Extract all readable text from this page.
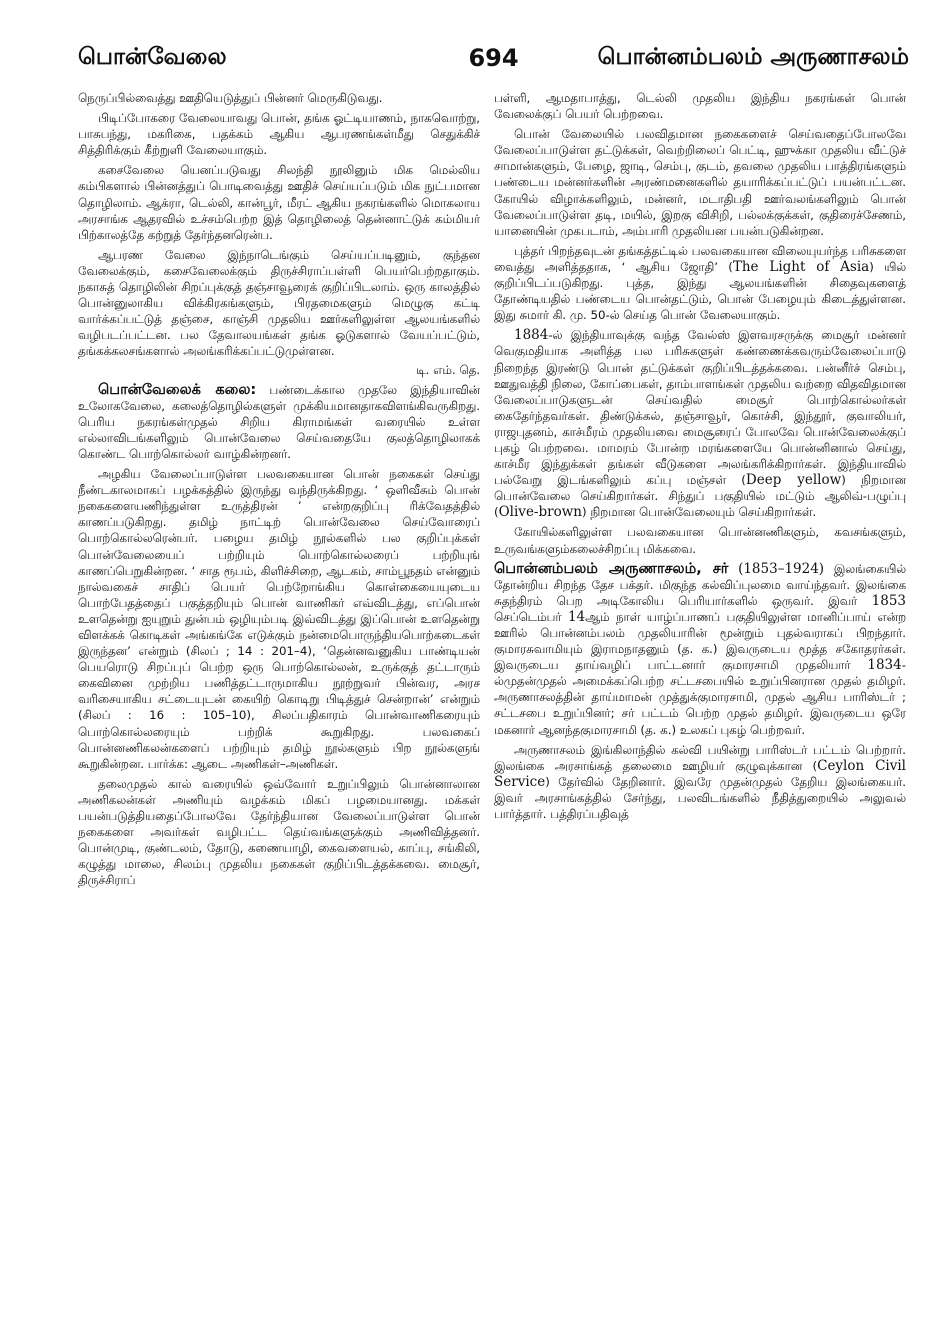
பொன்வேலை	694	பொன்னம்பலம் அருணாசலம்

நெருப்பில்வைத்து ஊதியெடுத்துப் பின்னர் மெருகிடுவது.

பிடிப்போகரை வேலையாவது பொன், தங்க ஓட்டியாணம், நாகவொற்று, பாசுபந்து, மகரிகை, பதக்கம் ஆகிய ஆபரணங்கள்மீது செதுக்கிச் சித்திரிக்கும் கீற்றுளி வேலையாகும்.

கசைவேலை யெனப்படுவது சிலந்தி நூலினும் மிக மெல்லிய கம்பிகளால் பின்னத்துப் பொடிவைத்து ஊதிச் செய்யப்படும் மிக நுட்பமான தொழிலாம். ஆக்ரா, டெல்லி, கான்பூர், மீரட் ஆகிய நகரங்களில் மொகலாய அரசாங்க ஆதரவில் உச்சம்பெற்ற இத் தொழிலைத் தென்னாட்டுக் கம்மியர் பிற்காலத்தே கற்றுத் தேர்ந்தனரென்ப.

ஆபரண வேலை இந்நாடெங்கும் செய்யப்படினும், குந்தன வேலைக்கும், கசைவேலைக்கும் திருச்சிராப்பள்ளி பெயர்பெற்றதாகும். நகாசுத் தொழிலின் சிறப்புக்குத் தஞ்சாவூரைக் குறிப்பிடலாம். ஒரு காலத்தில் பொன்னுலாகிய விக்கிரகங்களும், பிரதமைகளும் மெழுகு கட்டி வார்க்கப்பட்டுத் தஞ்சை, காஞ்சி முதலிய ஊர்களிலுள்ள ஆலயங்களில் வழிபடப்பட்டன. பல தேவாலயங்கள் தங்க ஓடுகளால் வேயப்பட்டும், தங்கக்கலசங்களால் அலங்கரிக்கப்பட்டுமுள்ளன.

டி. எம். தெ.

பொன்வேலைக் கலை: பண்டைக்கால முதலே இந்தியாவின் உலோகவேலை, கலைத்தொழில்களுள் முக்கியமானதாகவிளங்கிவருகிறது. பெரிய நகரங்கள்முதல் சிறிய கிராமங்கள் வரையில் உள்ள எல்லாவிடங்களிலும் பொன்வேலை செய்வதையே குலத்தொழிலாகக் கொண்ட பொற்கொல்லர் வாழ்கின்றனர்.

அழகிய வேலைப்பாடுள்ள பலவகையான பொன் நகைகள் செய்து நீண்டகாலமாகப் பழக்கத்தில் இருந்து வந்திருக்கிறது. ‘ ஒளிவீசும் பொன் நகைகளையணிந்துள்ள உருத்திரன் ’ என்றகுறிப்பு ரிக்வேதத்தில் காணப்படுகிறது. தமிழ் நாட்டிற் பொன்வேலை செய்வோரைப் பொற்கொல்லரென்பர். பழைய தமிழ் நூல்களில் பல குறிப்புக்கள் பொன்வேலையைப் பற்றியும் பொற்கொல்லரைப் பற்றியுங் காணப்பெறுகின்றன. ‘ சாத ரூபம், கிளிச்சிறை, ஆடகம், சாம்பூநதம் என்னும் நால்வகைச் சாதிப் பெயர் பெற்றோங்கிய கொள்கையையுடைய பொற்பேதத்தைப் பகுத்தறியும் பொன் வாணிகர் எவ்விடத்து, எப்பொன் உளதென்று ஐயுறும் துன்பம் ஒழியும்படி இவ்விடத்து இப்பொன் உளதென்று விளக்கக் கொடிகள் அங்கங்கே எடுக்கும் நன்மைபொருந்தியபொற்கடைகள் இருந்தன’ என்றும் (சிலப் ; 14 : 201–4), ‘தென்னவனுகிய பாண்டியன் பெயரொடு சிறப்புப் பெற்ற ஒரு பொற்கொல்லன், உருக்குத் தட்டாரும் கைவினை முற்றிய பணித்தட்டாருமாகிய நூற்றுவர் பின்வர, அரச வரிசையாகிய சட்டையுடன் கையிற் கொடிறு பிடித்துச் சென்றான்’ என்றும் (சிலப் : 16 : 105–10), சிலப்பதிகாரம் பொன்வாணிகரையும் பொற்கொல்லரையும் பற்றிக் கூறுகிறது. பலவகைப் பொன்னணிகலன்களைப் பற்றியும் தமிழ் நூல்களும் பிற நூல்களுங் கூறுகின்றன. பார்க்க: ஆடை அணிகள்–அணிகள்.

தலைமுதல் கால் வரையில் ஒவ்வோர் உறுப்பிலும் பொன்னாலான அணிகலன்கள் அணியும் வழக்கம் மிகப் பழமையானது. மக்கள் பயன்படுத்தியதைப்போலவே தேர்ந்தியான வேலைப்பாடுள்ள பொன் நகைகளை அவர்கள் வழிபட்ட தெய்வங்களுக்கும் அணிவித்தனர். பொன்முடி, குண்டலம், தோடு, கணையாழி, கைவளையல், காப்பு, சங்கிலி, கழுத்து மாலை, சிலம்பு முதலிய நகைகள் குறிப்பிடத்தக்கவை. மைசூர், திருச்சிராப்

பள்ளி, ஆமதாபாத்து, டெல்லி முதலிய இந்திய நகரங்கள் பொன் வேலைக்குப் பெயர் பெற்றவை.

பொன் வேலையில் பலவிதமான நகைகளைச் செய்வதைப்போலவே வேலைப்பாடுள்ள தட்டுக்கள், வெற்றிலைப் பெட்டி, ஹுக்கா முதலிய வீட்டுச் சாமான்களும், பேழை, ஜாடி, செம்பு, குடம், தவலை முதலிய பாத்திரங்களும் பண்டைய மன்னர்களின் அரண்மனைகளில் தயாரிக்கப்பட்டுப் பயன்பட்டன. கோயில் விழாக்களிலும், மன்னர், மடாதிபதி ஊர்வலங்களிலும் பொன் வேலைப்பாடுள்ள தடி, மயில், இறகு விசிறி, பல்லக்குக்கள், குதிரைச்சேணம், யானையின் முகபடாம், அம்பாரி முதலியன பயன்படுகின்றன.

புத்தர் பிறந்தவுடன் தங்கத்தட்டில் பலவகையான விலையுயர்ந்த பரிசுகளை வைத்து அளித்ததாக, ‘ ஆசிய ஜோதி’ (The Light of Asia) யில் குறிப்பிடப்படுகிறது. புத்த, இந்து ஆலயங்களின் சிதைவுகளைத் தோண்டியதில் பண்டைய பொன்தட்டும், பொன் பேழையும் கிடைத்துள்ளன. இது சுமார் கி. மு. 50-ல் செய்த பொன் வேலையாகும்.

1884-ல் இந்தியாவுக்கு வந்த வேல்ஸ் இளவரசருக்கு மைசூர் மன்னர் வெகுமதியாக அளித்த பல பரிசுகளுள் கண்ணைக்கவரும்வேலைப்பாடு நிறைந்த இரண்டு பொன் தட்டுக்கள் குறிப்பிடத்தக்கவை. பன்னீர்ச் செம்பு, ஊதுவத்தி நிலை, கோப்பைகள், தாம்பாளங்கள் முதலிய வற்றை விதவிதமான வேலைப்பாடுகளுடன் செய்வதில் மைசூர் பொற்கொல்லர்கள் கைதேர்ந்தவர்கள். திண்டுக்கல், தஞ்சாவூர், கொச்சி, இந்தூர், குவாலியர், ராஜபுதனம், காச்மீரம் முதலியவை மைசூரைப் போலவே பொன்வேலைக்குப் புகழ் பெற்றவை. மாமரம் போன்ற மரங்களையே பொன்னினால் செய்து, காச்மீர இந்துக்கள் தங்கள் வீடுகளை அலங்கரிக்கிறார்கள். இந்தியாவில் பல்வேறு இடங்களிலும் கப்பு மஞ்சள் (Deep yellow) நிறமான பொன்வேலை செய்கிறார்கள். சிந்துப் பகுதியில் மட்டும் ஆலிவ்-பழுப்பு (Olive-brown) நிறமான பொன்வேலையும் செய்கிறார்கள்.

கோயில்களிலுள்ள பலவகையான பொன்னணிகளும், கவசங்களும், உருவங்களும்கலைச்சிறப்பு மிக்கவை.

பொன்னம்பலம் அருணாசலம், சர் (1853–1924) இலங்கையில் தோன்றிய சிறந்த தேச பக்தர். மிகுந்த கல்விப்புலமை வாய்ந்தவர். இலங்கை சுதந்திரம் பெற அடிகோலிய பெரியார்களில் ஒருவர். இவர் 1853 செப்டெம்பர் 14ஆம் நாள் யாழ்ப்பாணப் பகுதியிலுள்ள மானிப்பாய் என்ற ஊரில் பொன்னம்பலம் முதலியாரின் மூன்றும் புதல்வராகப் பிறந்தார். குமாரசுவாமியும் இராமநாதனும் (த. க.) இவருடைய மூத்த சகோதரர்கள். இவருடைய தாய்வழிப் பாட்டனார் குமாரசாமி முதலியார் 1834-ல்முதன்முதல் அமைக்கப்பெற்ற சட்டசபையில் உறுப்பினரான முதல் தமிழர். அருணாசலத்தின் தாய்மாமன் முத்துக்குமாரசாமி, முதல் ஆசிய பாரிஸ்டர் ; சட்டசபை உறுப்பினர்; சர் பட்டம் பெற்ற முதல் தமிழர். இவருடைய ஒரே மகனார் ஆனந்தகுமாரசாமி (த. க.) உலகப் புகழ் பெற்றவர்.

அருணாசலம் இங்கிலாந்தில் கல்வி பயின்று பாரிஸ்டர் பட்டம் பெற்றார். இலங்கை அரசாங்கத் தலைமை ஊழியர் குழுவுக்கான (Ceylon Civil Service) தேர்வில் தேறினார். இவரே முதன்முதல் தேறிய இலங்கையர். இவர் அரசாங்கத்தில் சேர்ந்து, பலவிடங்களில் நீதித்துறையில் அலுவல் பார்த்தார். பத்திரப்பதிவுத்
